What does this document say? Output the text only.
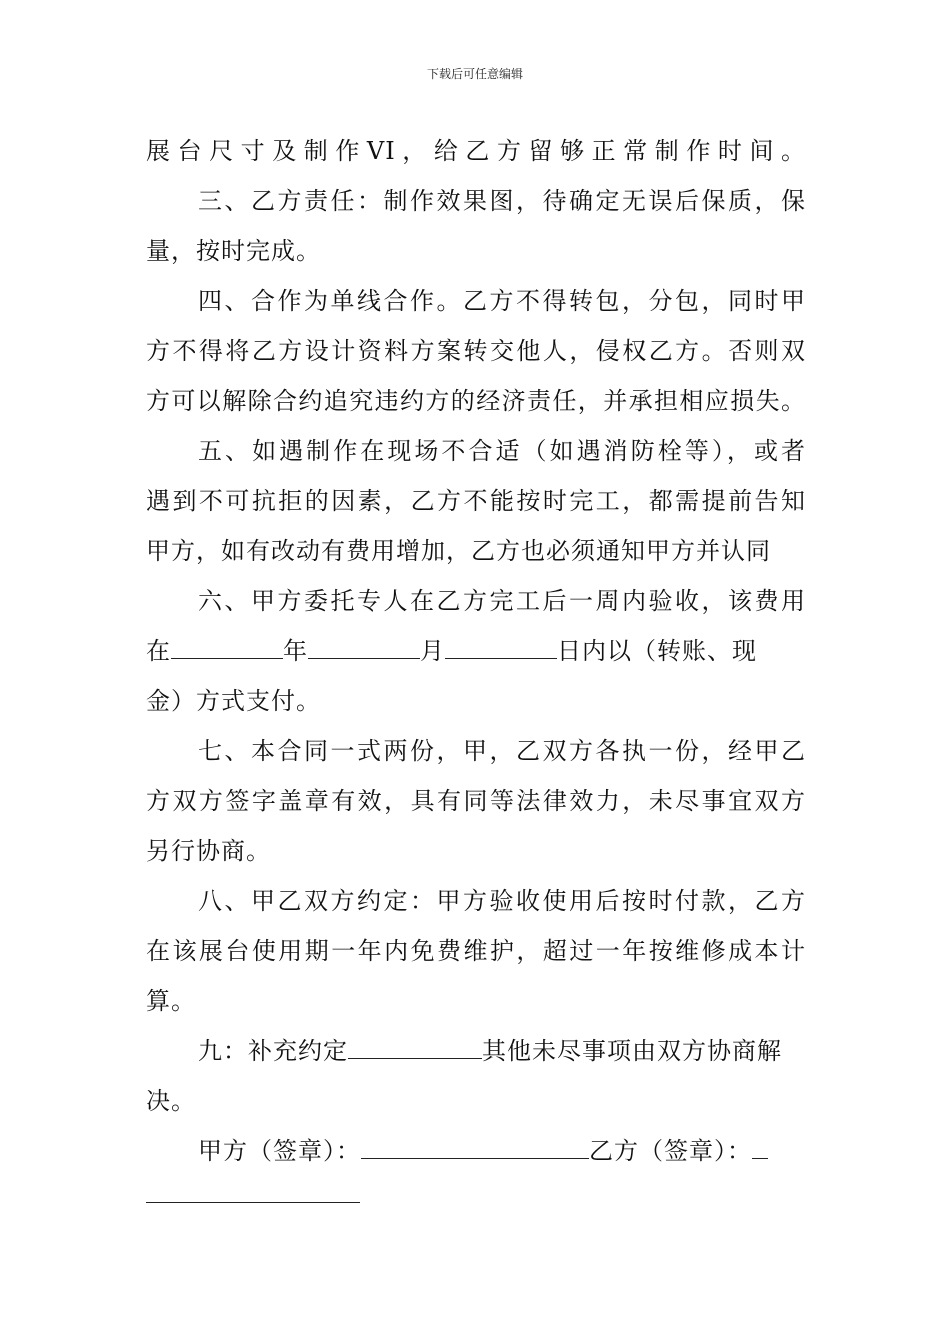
下载后可任意编辑
展台尺寸及制作VI，给乙方留够正常制作时间。
三、乙方责任：制作效果图，待确定无误后保质，保
量，按时完成。
四、合作为单线合作。乙方不得转包，分包，同时甲
方不得将乙方设计资料方案转交他人，侵权乙方。否则双
方可以解除合约追究违约方的经济责任，并承担相应损失。
五、如遇制作在现场不合适（如遇消防栓等），或者
遇到不可抗拒的因素，乙方不能按时完工，都需提前告知
甲方，如有改动有费用增加，乙方也必须通知甲方并认同
六、甲方委托专人在乙方完工后一周内验收，该费用
在	年	月	日内以（转账、现
金）方式支付。
七、本合同一式两份，甲，乙双方各执一份，经甲乙
方双方签字盖章有效，具有同等法律效力，未尽事宜双方
另行协商。
八、甲乙双方约定：甲方验收使用后按时付款，乙方
在该展台使用期一年内免费维护，超过一年按维修成本计
算。
九：补充约定	其他未尽事项由双方协商解
决。
甲方（签章）：	乙方（签章）：
